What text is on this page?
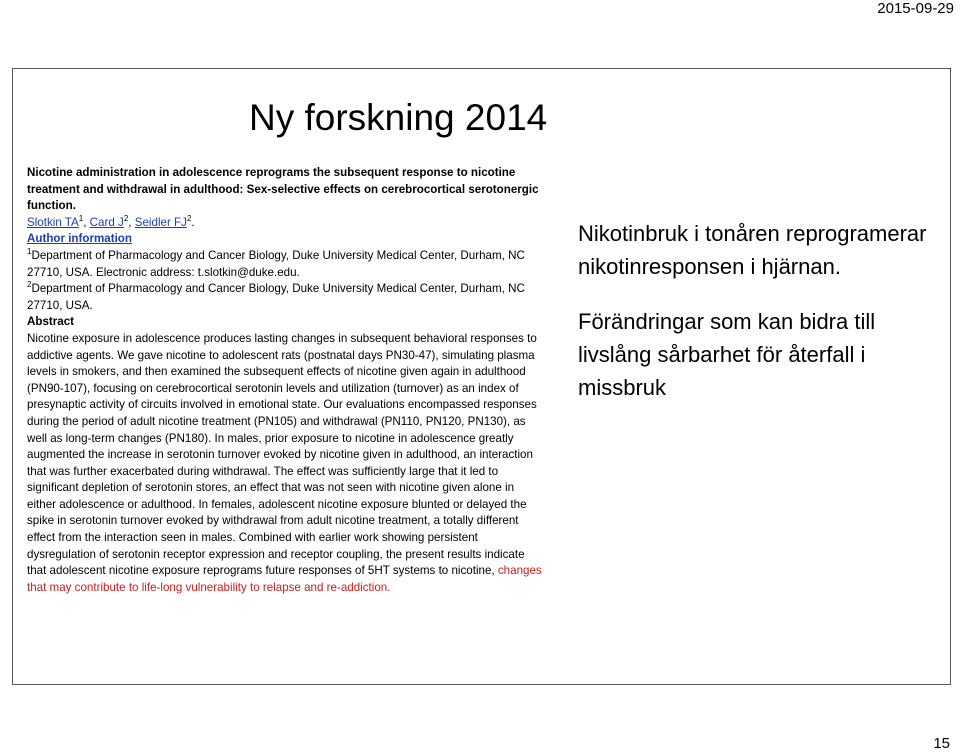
2015-09-29
Ny forskning 2014

Nicotine administration in adolescence reprograms the subsequent response to nicotine treatment and withdrawal in adulthood: Sex-selective effects on cerebrocortical serotonergic function.

Slotkin $TA^1$, Card $J^2$, Seidler $FJ^2$.

Author information

$^1$Department of Pharmacology and Cancer Biology, Duke University Medical Center, Durham, NC 27710, USA. Electronic address: t.slotkin@duke.edu.

$^2$Department of Pharmacology and Cancer Biology, Duke University Medical Center, Durham, NC 27710, USA.

Abstract

Nicotine exposure in adolescence produces lasting changes in subsequent behavioral responses to addictive agents. We gave nicotine to adolescent rats (postnatal days PN30-47), simulating plasma levels in smokers, and then examined the subsequent effects of nicotine given again in adulthood (PN90-107), focusing on cerebrocortical serotonin levels and utilization (turnover) as an index of presynaptic activity of circuits involved in emotional state. Our evaluations encompassed responses during the period of adult nicotine treatment (PN105) and withdrawal (PN110, PN120, PN130), as well as long-term changes (PN180). In males, prior exposure to nicotine in adolescence greatly augmented the increase in serotonin turnover evoked by nicotine given in adulthood, an interaction that was further exacerbated during withdrawal. The effect was sufficiently large that it led to significant depletion of serotonin stores, an effect that was not seen with nicotine given alone in either adolescence or adulthood. In females, adolescent nicotine exposure blunted or delayed the spike in serotonin turnover evoked by withdrawal from adult nicotine treatment, a totally different effect from the interaction seen in males. Combined with earlier work showing persistent dysregulation of serotonin receptor expression and receptor coupling, the present results indicate that adolescent nicotine exposure reprograms future responses of 5HT systems to nicotine, changes that may contribute to life-long vulnerability to relapse and re-addiction.

Nikotinbruk i tonåren reprogramerar nikotinresponsen i hjärnan.

Förändringar som kan bidra till livslång sårbarhet för återfall i missbruk

15
